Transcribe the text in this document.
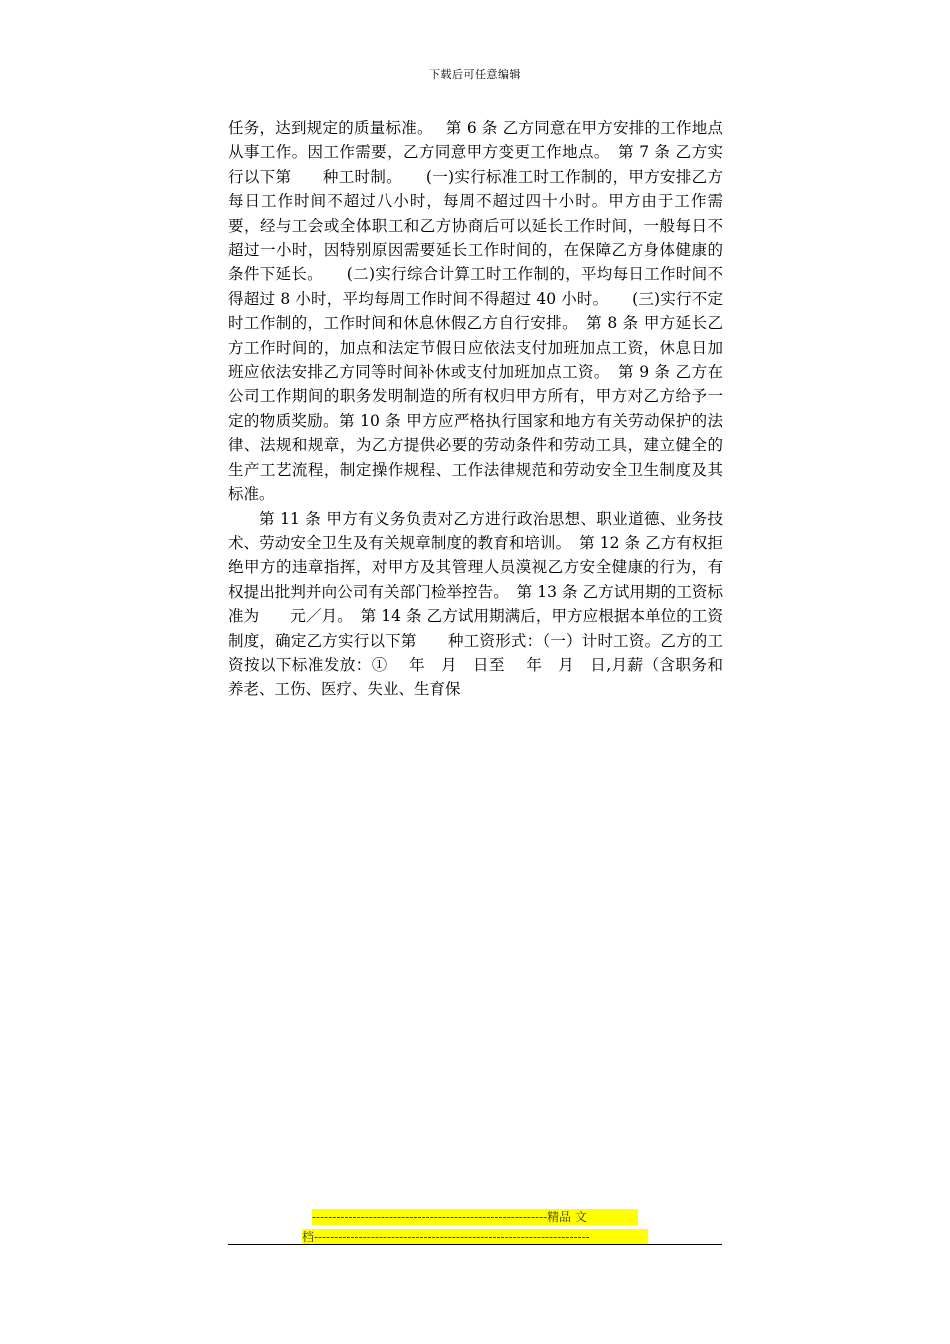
下载后可任意编辑

任务，达到规定的质量标准。　 第 6 条 乙方同意在甲方安排的工作地点　　 从事工作。因工作需要，乙方同意甲方变更工作地点。　第 7 条 乙方实行以下第　　种工时制。　　(一)实行标准工时工作制的，甲方安排乙方每日工作时间不超过八小时，每周不超过四十小时。甲方由于工作需要，经与工会或全体职工和乙方协商后可以延长工作时间，一般每日不超过一小时，因特别原因需要延长工作时间的，在保障乙方身体健康的条件下延长。　　(二)实行综合计算工时工作制的，平均每日工作时间不得超过 8 小时，平均每周工作时间不得超过 40 小时。　　(三)实行不定时工作制的，工作时间和休息休假乙方自行安排。　第 8 条 甲方延长乙方工作时间的，加点和法定节假日应依法支付加班加点工资，休息日加班应依法安排乙方同等时间补休或支付加班加点工资。　第 9 条 乙方在公司工作期间的职务发明制造的所有权归甲方所有，甲方对乙方给予一定的物质奖励。第 10 条 甲方应严格执行国家和地方有关劳动保护的法律、法规和规章，为乙方提供必要的劳动条件和劳动工具，建立健全的生产工艺流程，制定操作规程、工作法律规范和劳动安全卫生制度及其标准。

第 11 条 甲方有义务负责对乙方进行政治思想、职业道德、业务技术、劳动安全卫生及有关规章制度的教育和培训。　第 12 条 乙方有权拒绝甲方的违章指挥，对甲方及其管理人员漠视乙方安全健康的行为，有权提出批判并向公司有关部门检举控告。　第 13 条 乙方试用期的工资标准为　　元／月。　第 14 条 乙方试用期满后，甲方应根据本单位的工资制度，确定乙方实行以下第　　种工资形式：（一）计时工资。乙方的工资按以下标准发放：①　 年　月　日至　 年　月　日,月薪（含职务和养老、工伤、医疗、失业、生育保

----------------------------------------------------------精品 文
档--------------------------------------------------------------------
